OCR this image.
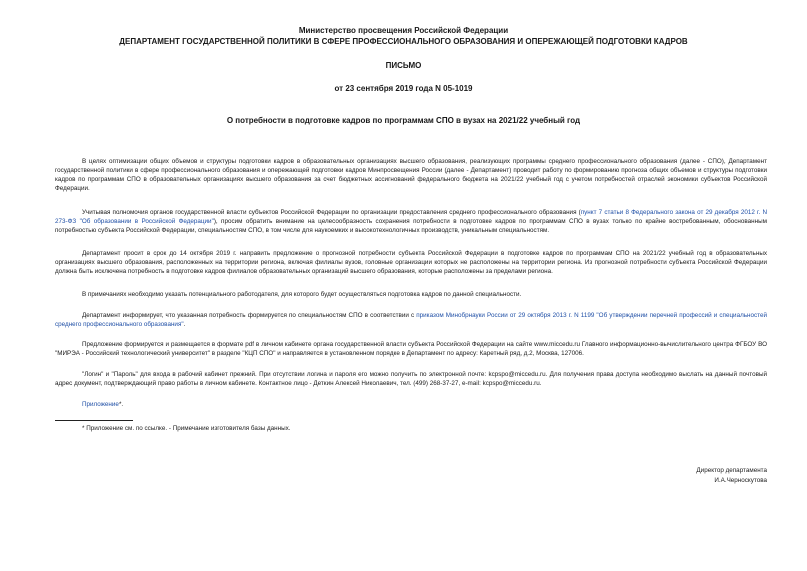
Министерство просвещения Российской Федерации
ДЕПАРТАМЕНТ ГОСУДАРСТВЕННОЙ ПОЛИТИКИ В СФЕРЕ ПРОФЕССИОНАЛЬНОГО ОБРАЗОВАНИЯ И ОПЕРЕЖАЮЩЕЙ ПОДГОТОВКИ КАДРОВ
ПИСЬМО
от 23 сентября 2019 года N 05-1019
О потребности в подготовке кадров по программам СПО в вузах на 2021/22 учебный год
В целях оптимизации общих объемов и структуры подготовки кадров в образовательных организациях высшего образования, реализующих программы среднего профессионального образования (далее - СПО), Департамент государственной политики в сфере профессионального образования и опережающей подготовки кадров Минпросвещения России (далее - Департамент) проводит работу по формированию прогноза общих объемов и структуры подготовки кадров по программам СПО в образовательных организациях высшего образования за счет бюджетных ассигнований федерального бюджета на 2021/22 учебный год с учетом потребностей отраслей экономики субъектов Российской Федерации.
Учитывая полномочия органов государственной власти субъектов Российской Федерации по организации предоставления среднего профессионального образования (пункт 7 статьи 8 Федерального закона от 29 декабря 2012 г. N 273-ФЗ "Об образовании в Российской Федерации"), просим обратить внимание на целесообразность сохранения потребности в подготовке кадров по программам СПО в вузах только по крайне востребованным, обоснованным потребностью субъекта Российской Федерации, специальностям СПО, в том числе для наукоемких и высокотехнологичных производств, уникальным специальностям.
Департамент просит в срок до 14 октября 2019 г. направить предложение о прогнозной потребности субъекта Российской Федерации в подготовке кадров по программам СПО на 2021/22 учебный год в образовательных организациях высшего образования, расположенных на территории региона, включая филиалы вузов, головные организации которых не расположены на территории региона. Из прогнозной потребности субъекта Российской Федерации должна быть исключена потребность в подготовке кадров филиалов образовательных организаций высшего образования, которые расположены за пределами региона.
В примечаниях необходимо указать потенциального работодателя, для которого будет осуществляться подготовка кадров по данной специальности.
Департамент информирует, что указанная потребность формируется по специальностям СПО в соответствии с приказом Минобрнауки России от 29 октября 2013 г. N 1199 "Об утверждении перечней профессий и специальностей среднего профессионального образования".
Предложение формируется и размещается в формате pdf в личном кабинете органа государственной власти субъекта Российской Федерации на сайте www.miccedu.ru Главного информационно-вычислительного центра ФГБОУ ВО "МИРЭА - Российский технологический университет" в разделе "КЦП СПО" и направляется в установленном порядке в Департамент по адресу: Каретный ряд, д.2, Москва, 127006.
"Логин" и "Пароль" для входа в рабочий кабинет прежний. При отсутствии логина и пароля его можно получить по электронной почте: kcpspo@miccedu.ru. Для получения права доступа необходимо выслать на данный почтовый адрес документ, подтверждающий право работы в личном кабинете. Контактное лицо - Деткин Алексей Николаевич, тел. (499) 268-37-27, e-mail: kcpspo@miccedu.ru.
Приложение*.
* Приложение см. по ссылке. - Примечание изготовителя базы данных.
Директор департамента
И.А.Черноскутова
